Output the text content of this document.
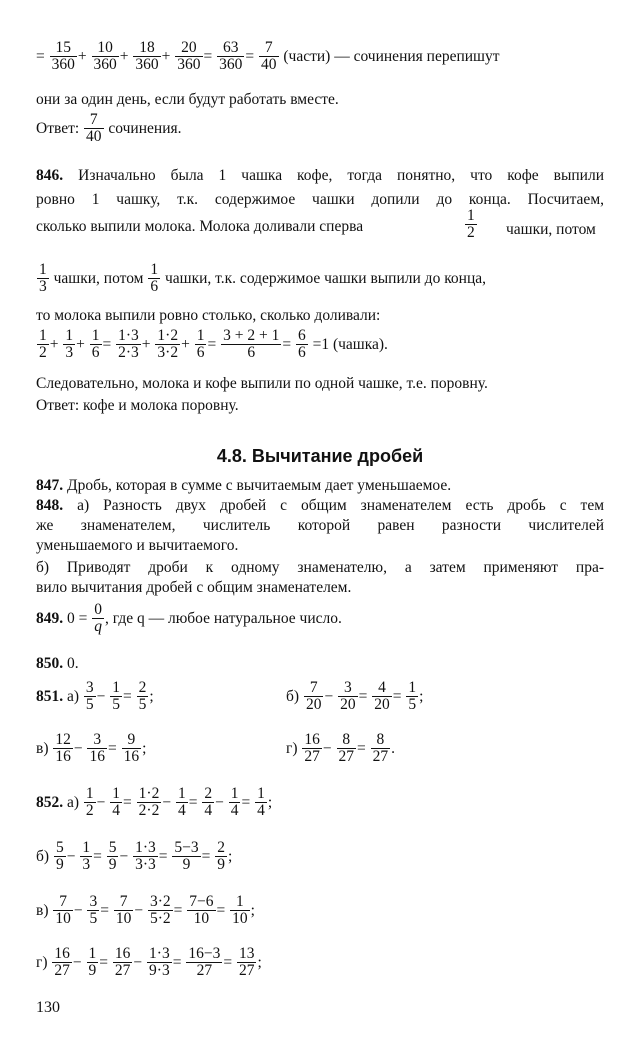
= $\frac{15}{360} + \frac{10}{360} + \frac{18}{360} + \frac{20}{360} = \frac{63}{360} = \frac{7}{40}$ (части) — сочинения перепишут
они за один день, если будут работать вместе.
Ответ: $\frac{7}{40}$ сочинения.
846. Изначально была 1 чашка кофе, тогда понятно, что кофе выпили
ровно 1 чашку, т.к. содержимое чашки допили до конца. Посчитаем,
сколько выпили молока. Молока доливали сперва	$\frac{1}{2}$ чашки, потом
$\frac{1}{3}$ чашки, потом $\frac{1}{6}$ чашки, т.к. содержимое чашки выпили до конца,
то молока выпили ровно столько, сколько доливали:
$\frac{1}{2} + \frac{1}{3} + \frac{1}{6} = \frac{1\cdot 3}{2\cdot 3} + \frac{1\cdot 2}{3\cdot 2} + \frac{1}{6} = \frac{3 + 2 + 1}{6} = \frac{6}{6} =1$ (чашка).
Следовательно, молока и кофе выпили по одной чашке, т.е. поровну.
Ответ: кофе и молока поровну.
4.8. Вычитание дробей
847. Дробь, которая в сумме с вычитаемым дает уменьшаемое.
848. а) Разность двух дробей с общим знаменателем есть дробь с тем
же знаменателем, числитель которой равен разности числителей
уменьшаемого и вычитаемого.
б) Приводят дроби к одному знаменателю, а затем применяют пра-
вило вычитания дробей с общим знаменателем.
849. $0 = \frac{0}{q}$ , где q — любое натуральное число.
850. 0.
851. $а) \frac{3}{5} - \frac{1}{5} = \frac{2}{5}$ ;	$б) \frac{7}{20} - \frac{3}{20} = \frac{4}{20} = \frac{1}{5}$ ;
$в) \frac{12}{16} - \frac{3}{16} = \frac{9}{16}$ ;	$г) \frac{16}{27} - \frac{8}{27} = \frac{8}{27}$ .
852. $а) \frac{1}{2} - \frac{1}{4} = \frac{1\cdot 2}{2\cdot 2} - \frac{1}{4} = \frac{2}{4} - \frac{1}{4} = \frac{1}{4}$ ;
$б) \frac{5}{9} - \frac{1}{3} = \frac{5}{9} - \frac{1\cdot 3}{3\cdot 3} = \frac{5-3}{9} = \frac{2}{9}$ ;
$в) \frac{7}{10} - \frac{3}{5} = \frac{7}{10} - \frac{3\cdot 2}{5\cdot 2} = \frac{7-6}{10} = \frac{1}{10}$ ;
$г) \frac{16}{27} - \frac{1}{9} = \frac{16}{27} - \frac{1\cdot 3}{9\cdot 3} = \frac{16-3}{27} = \frac{13}{27}$ ;
130
